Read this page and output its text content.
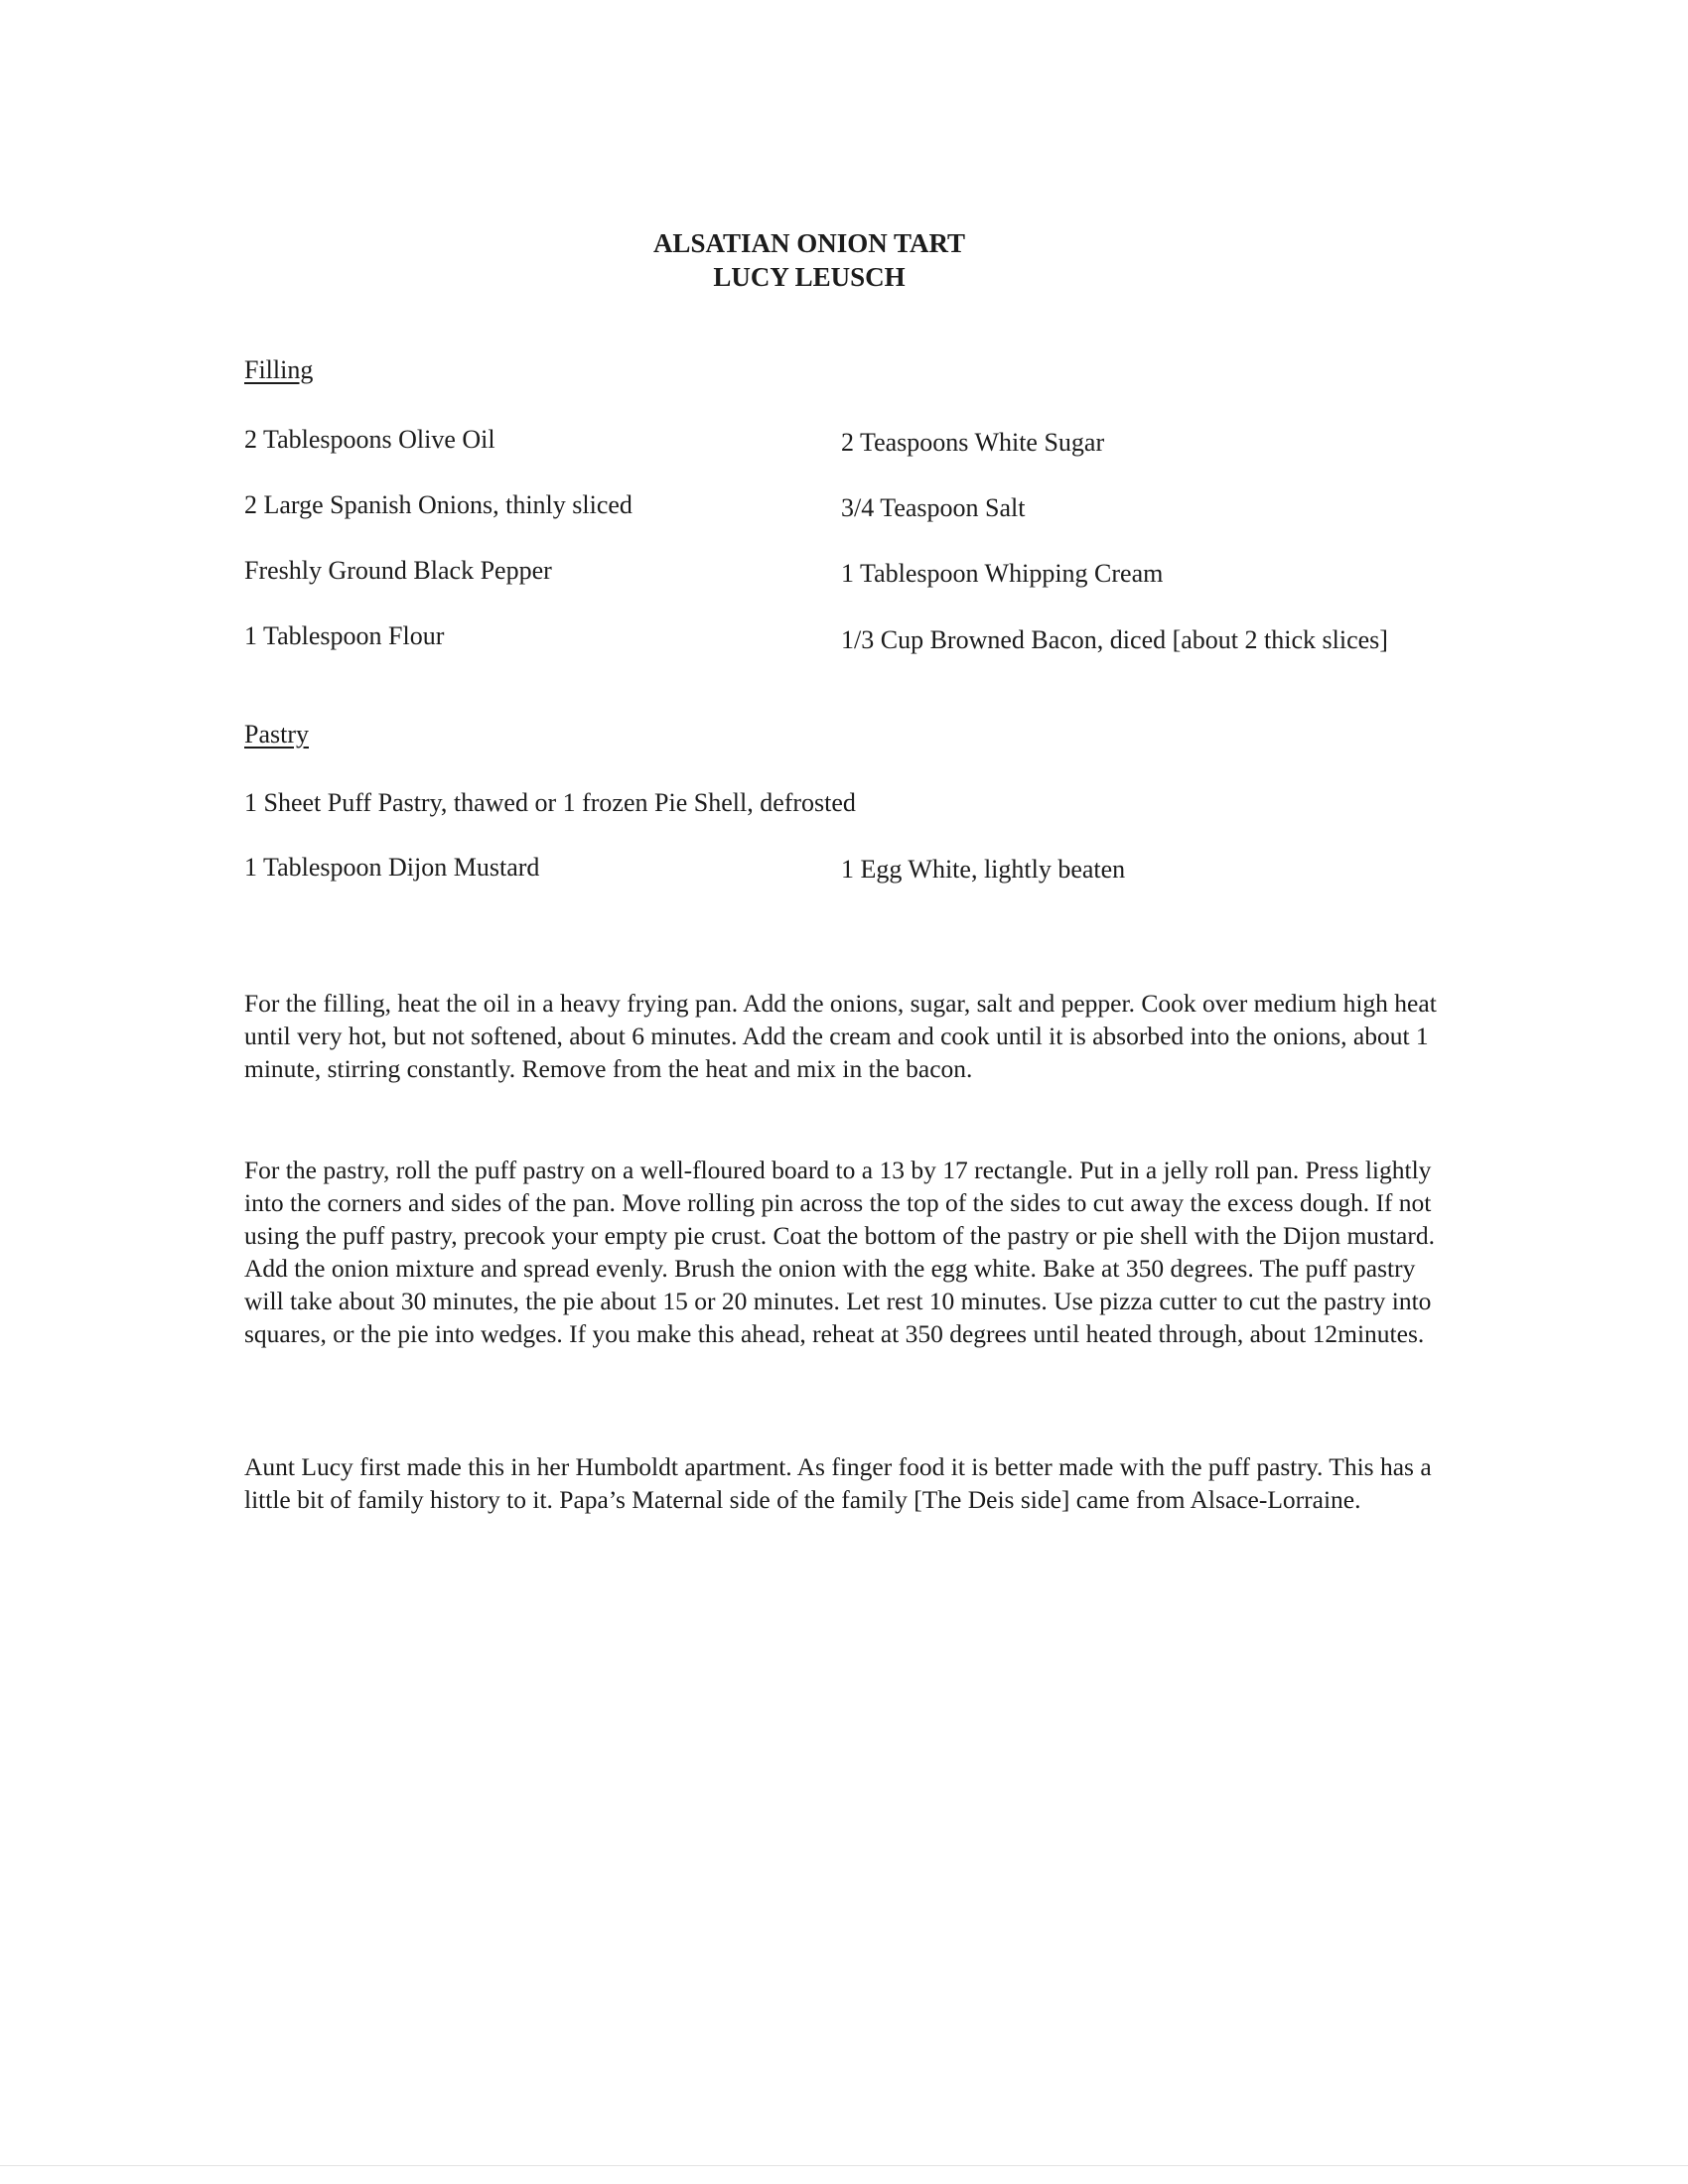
ALSATIAN ONION TART
LUCY LEUSCH
Filling
2 Tablespoons Olive Oil
2 Large Spanish Onions, thinly sliced
Freshly Ground Black Pepper
1 Tablespoon Flour
2 Teaspoons White Sugar
3/4 Teaspoon Salt
1 Tablespoon Whipping Cream
1/3 Cup Browned Bacon, diced [about 2 thick slices]
Pastry
1 Sheet Puff Pastry, thawed or 1 frozen Pie Shell, defrosted
1 Tablespoon Dijon Mustard	1 Egg White, lightly beaten

For the filling, heat the oil in a heavy frying pan. Add the onions, sugar, salt and pepper. Cook over medium high heat until very hot, but not softened, about 6 minutes. Add the cream and cook until it is absorbed into the onions, about 1 minute, stirring constantly. Remove from the heat and mix in the bacon.

For the pastry, roll the puff pastry on a well-floured board to a 13 by 17 rectangle. Put in a jelly roll pan. Press lightly into the corners and sides of the pan. Move rolling pin across the top of the sides to cut away the excess dough. If not using the puff pastry, precook your empty pie crust. Coat the bottom of the pastry or pie shell with the Dijon mustard. Add the onion mixture and spread evenly. Brush the onion with the egg white. Bake at 350 degrees. The puff pastry will take about 30 minutes, the pie about 15 or 20 minutes. Let rest 10 minutes. Use pizza cutter to cut the pastry into squares, or the pie into wedges. If you make this ahead, reheat at 350 degrees until heated through, about 12minutes.

Aunt Lucy first made this in her Humboldt apartment. As finger food it is better made with the puff pastry. This has a little bit of family history to it. Papa’s Maternal side of the family [The Deis side] came from Alsace-Lorraine.
